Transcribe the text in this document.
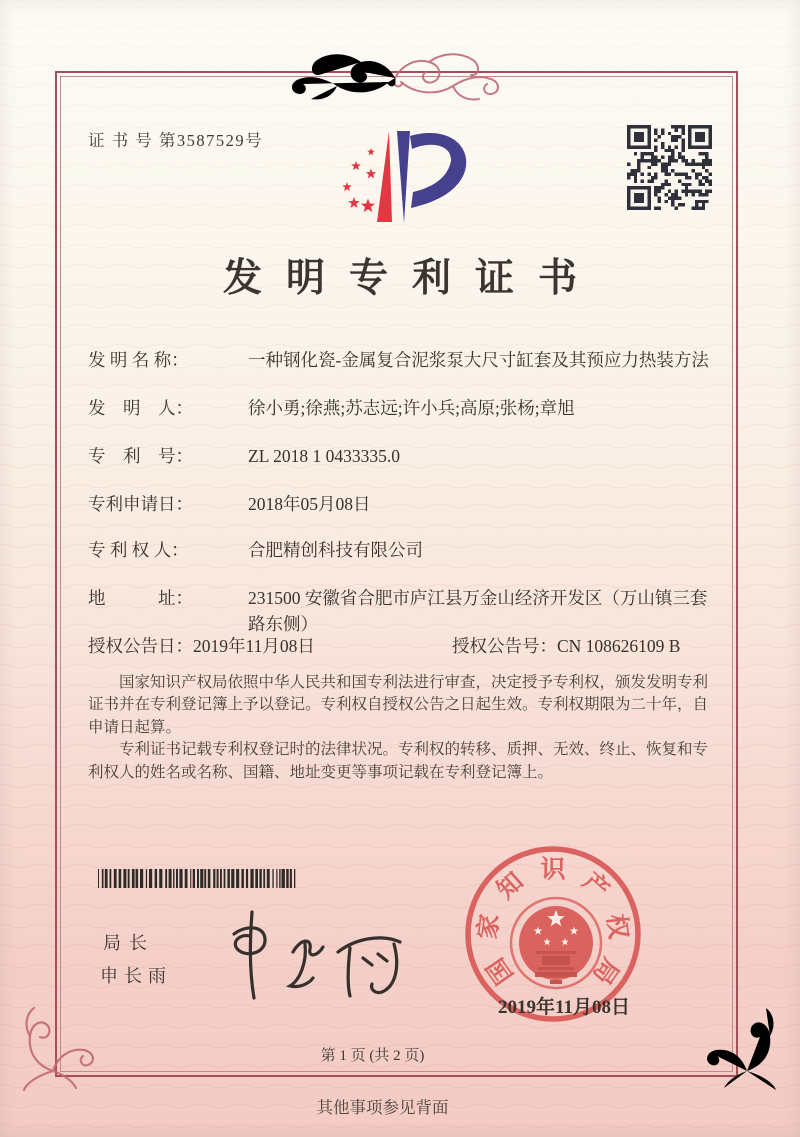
证 书 号 第3587529号
发明专利证书
发 明 名 称：	一种钢化瓷-金属复合泥浆泵大尺寸缸套及其预应力热装方法
发　明　人：	徐小勇;徐燕;苏志远;许小兵;高原;张杨;章旭
专　利　号：	ZL 2018 1 0433335.0
专利申请日：	2018年05月08日
专 利 权 人：	合肥精创科技有限公司
地　　　址：	231500 安徽省合肥市庐江县万金山经济开发区（万山镇三套路东侧）
授权公告日：2019年11月08日	授权公告号：CN 108626109 B

国家知识产权局依照中华人民共和国专利法进行审查，决定授予专利权，颁发发明专利证书并在专利登记簿上予以登记。专利权自授权公告之日起生效。专利权期限为二十年，自申请日起算。

专利证书记载专利权登记时的法律状况。专利权的转移、质押、无效、终止、恢复和专利权人的姓名或名称、国籍、地址变更等事项记载在专利登记簿上。

局长
申长雨	国
家
知 识 产
权
局
2019年11月08日
第 1 页 (共 2 页)
其他事项参见背面
